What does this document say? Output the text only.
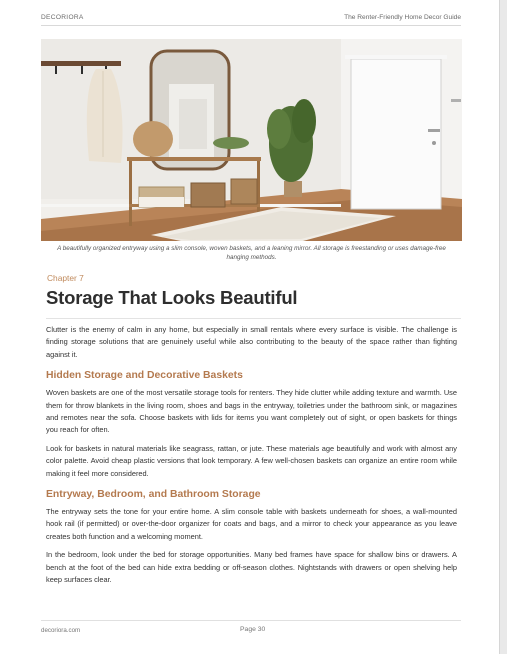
DECORIORA	The Renter-Friendly Home Decor Guide
A beautifully organized entryway using a slim console, woven baskets, and a leaning mirror. All storage is freestanding or uses damage-free hanging methods.
Chapter 7
Storage That Looks Beautiful

Clutter is the enemy of calm in any home, but especially in small rentals where every surface is visible. The challenge is finding storage solutions that are genuinely useful while also contributing to the beauty of the space rather than fighting against it.

Hidden Storage and Decorative Baskets

Woven baskets are one of the most versatile storage tools for renters. They hide clutter while adding texture and warmth. Use them for throw blankets in the living room, shoes and bags in the entryway, toiletries under the bathroom sink, or magazines and remotes near the sofa. Choose baskets with lids for items you want completely out of sight, or open baskets for things you reach for often.

Look for baskets in natural materials like seagrass, rattan, or jute. These materials age beautifully and work with almost any color palette. Avoid cheap plastic versions that look temporary. A few well-chosen baskets can organize an entire room while making it feel more considered.

Entryway, Bedroom, and Bathroom Storage

The entryway sets the tone for your entire home. A slim console table with baskets underneath for shoes, a wall-mounted hook rail (if permitted) or over-the-door organizer for coats and bags, and a mirror to check your appearance as you leave creates both function and a welcoming moment.

In the bedroom, look under the bed for storage opportunities. Many bed frames have space for shallow bins or drawers. A bench at the foot of the bed can hide extra bedding or off-season clothes. Nightstands with drawers or open shelving help keep surfaces clear.

decoriora.com	Page 30
